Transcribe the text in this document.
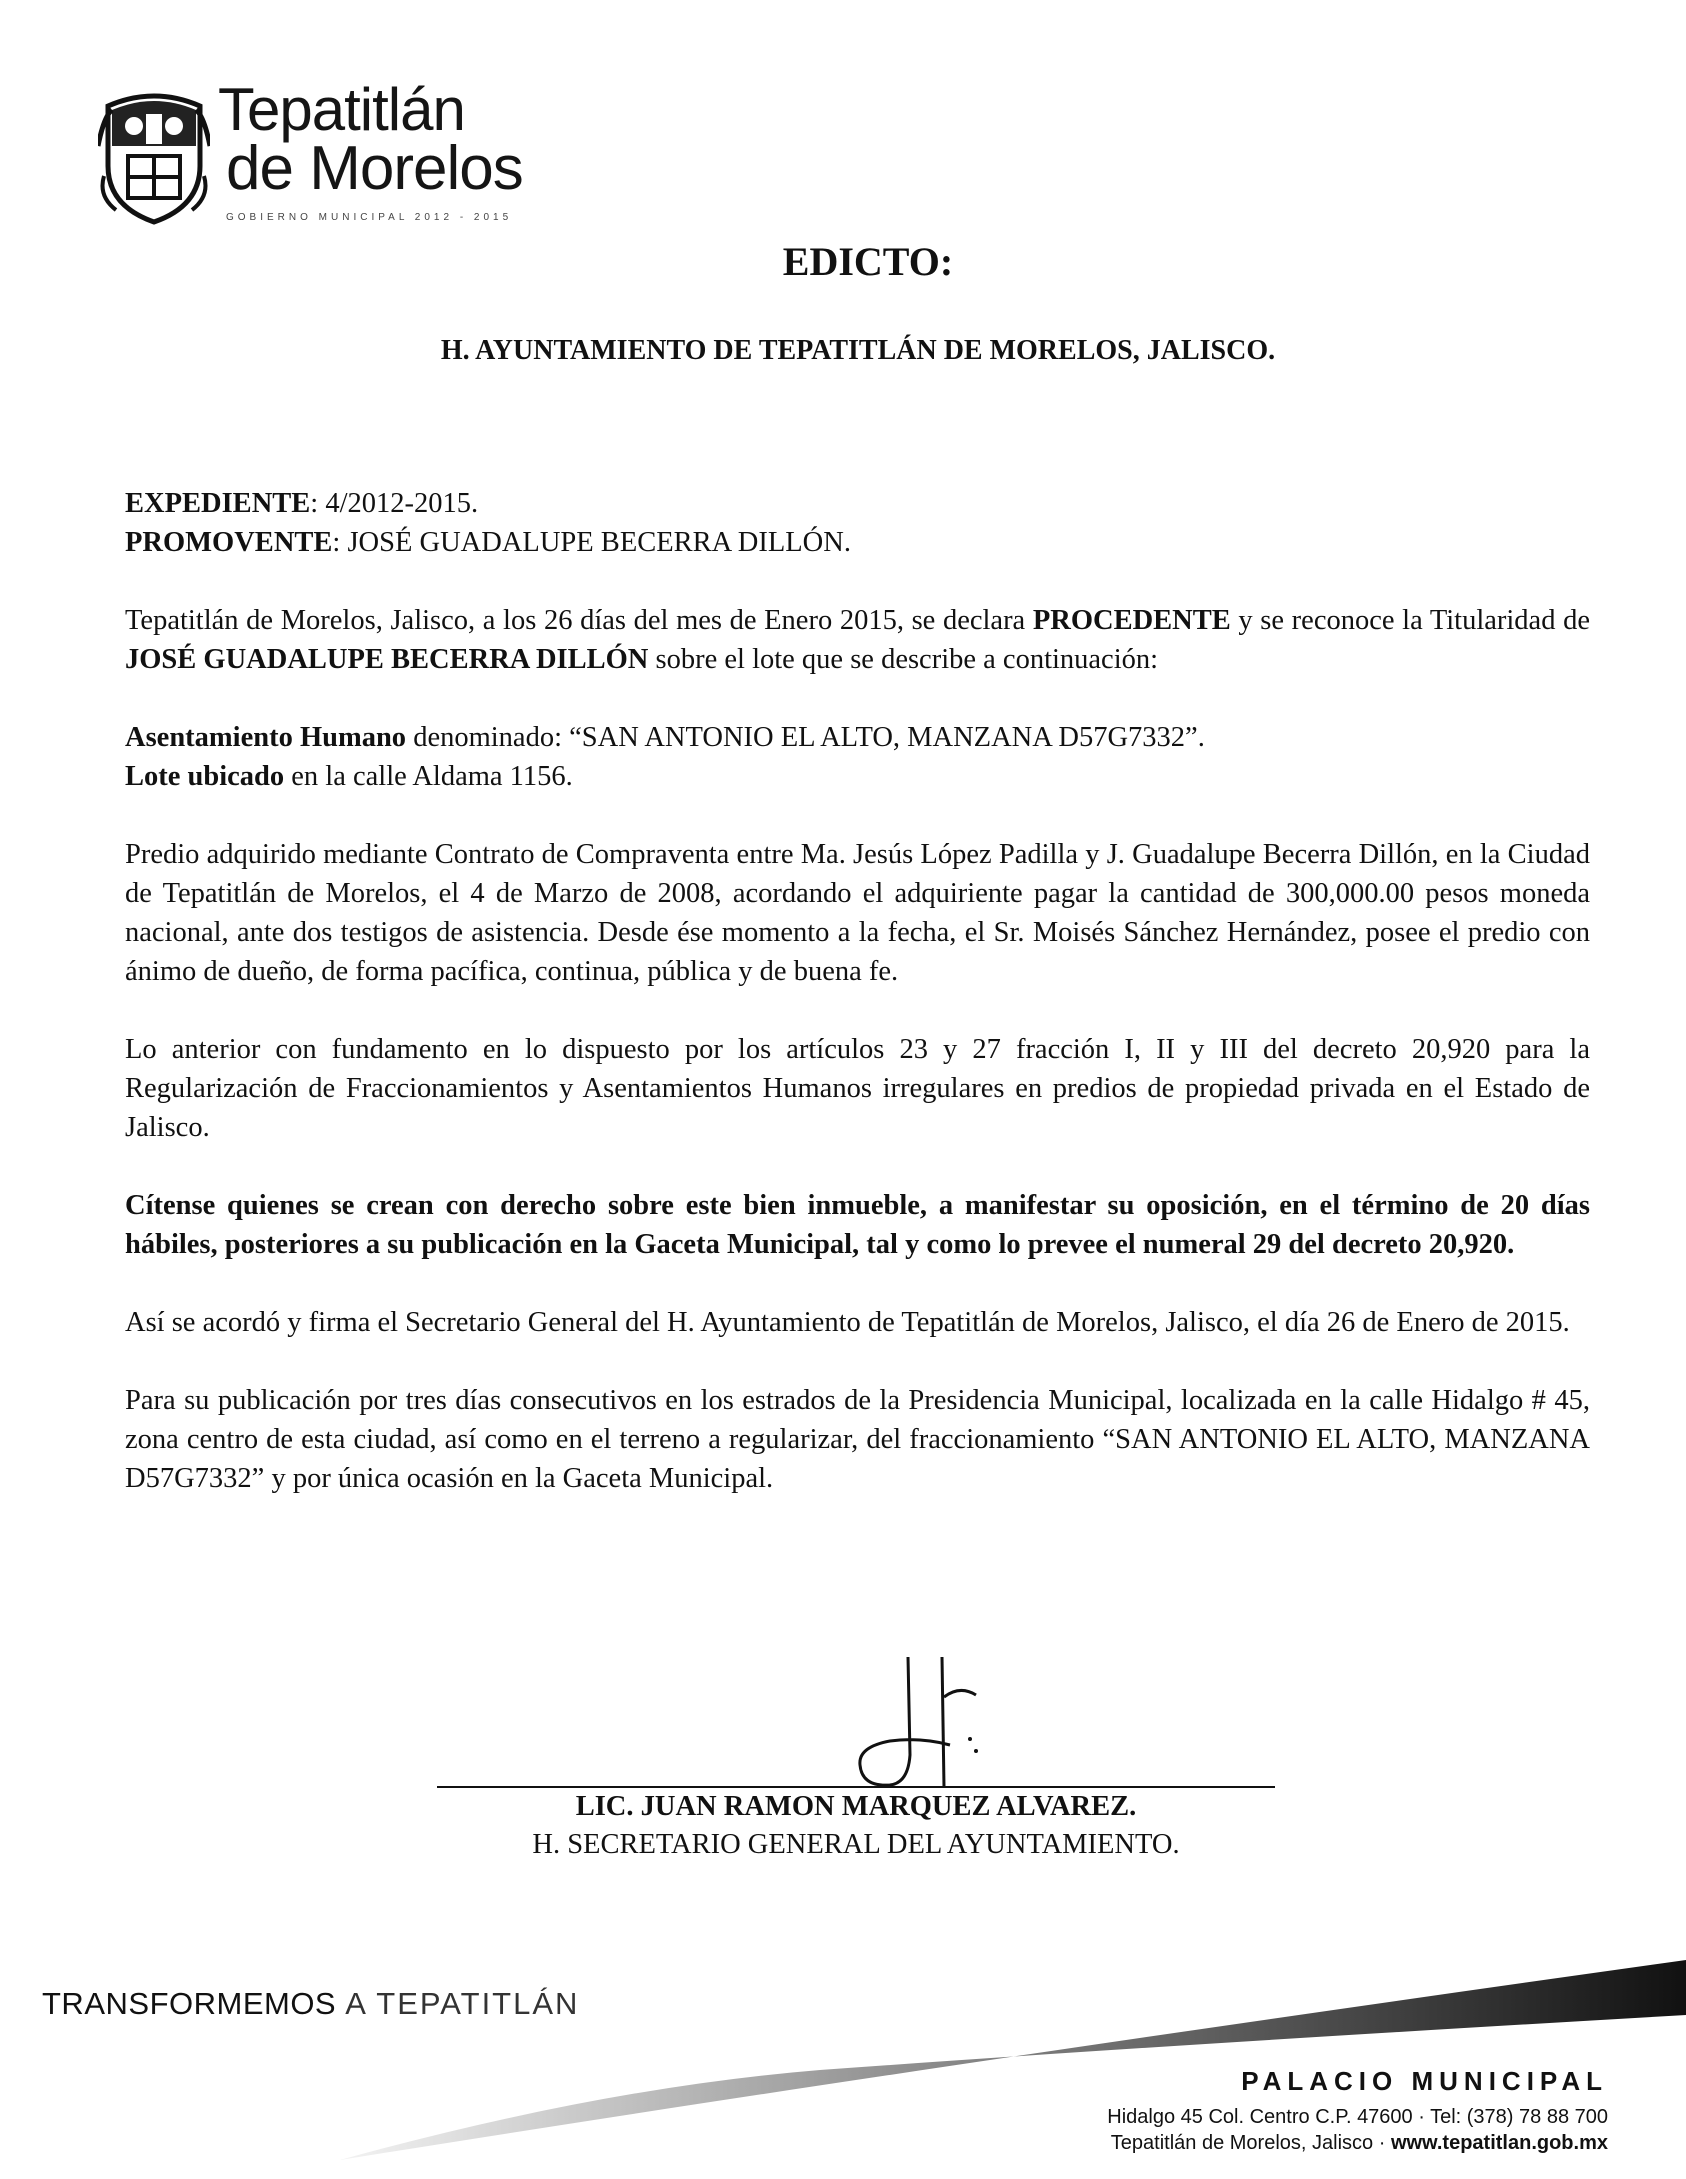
Tepatitlán
de Morelos
GOBIERNO MUNICIPAL 2012 - 2015
EDICTO:
H. AYUNTAMIENTO DE TEPATITLÁN DE MORELOS, JALISCO.

EXPEDIENTE: 4/2012-2015.

PROMOVENTE: JOSÉ GUADALUPE BECERRA DILLÓN.

Tepatitlán de Morelos, Jalisco, a los 26 días del mes de Enero 2015, se declara PROCEDENTE y se reconoce la Titularidad de JOSÉ GUADALUPE BECERRA DILLÓN sobre el lote que se describe a continuación:

Asentamiento Humano denominado: “SAN ANTONIO EL ALTO, MANZANA D57G7332”.

Lote ubicado en la calle Aldama 1156.

Predio adquirido mediante Contrato de Compraventa entre Ma. Jesús López Padilla y J. Guadalupe Becerra Dillón, en la Ciudad de Tepatitlán de Morelos, el 4 de Marzo de 2008, acordando el adquiriente pagar la cantidad de 300,000.00 pesos moneda nacional, ante dos testigos de asistencia. Desde ése momento a la fecha, el Sr. Moisés Sánchez Hernández, posee el predio con ánimo de dueño, de forma pacífica, continua, pública y de buena fe.

Lo anterior con fundamento en lo dispuesto por los artículos 23 y 27 fracción I, II y III del decreto 20,920 para la Regularización de Fraccionamientos y Asentamientos Humanos irregulares en predios de propiedad privada en el Estado de Jalisco.

Cítense quienes se crean con derecho sobre este bien inmueble, a manifestar su oposición, en el término de 20 días hábiles, posteriores a su publicación en la Gaceta Municipal, tal y como lo prevee el numeral 29 del decreto 20,920.

Así se acordó y firma el Secretario General del H. Ayuntamiento de Tepatitlán de Morelos, Jalisco, el día 26 de Enero de 2015.

Para su publicación por tres días consecutivos en los estrados de la Presidencia Municipal, localizada en la calle Hidalgo # 45, zona centro de esta ciudad, así como en el terreno a regularizar, del fraccionamiento “SAN ANTONIO EL ALTO, MANZANA D57G7332” y por única ocasión en la Gaceta Municipal.

LIC. JUAN RAMON MARQUEZ ALVAREZ.
H. SECRETARIO GENERAL DEL AYUNTAMIENTO.
TRANSFORMEMOS A TEPATITLÁN
PALACIO MUNICIPAL
Hidalgo 45 Col. Centro C.P. 47600 · Tel: (378) 78 88 700
Tepatitlán de Morelos, Jalisco · www.tepatitlan.gob.mx
